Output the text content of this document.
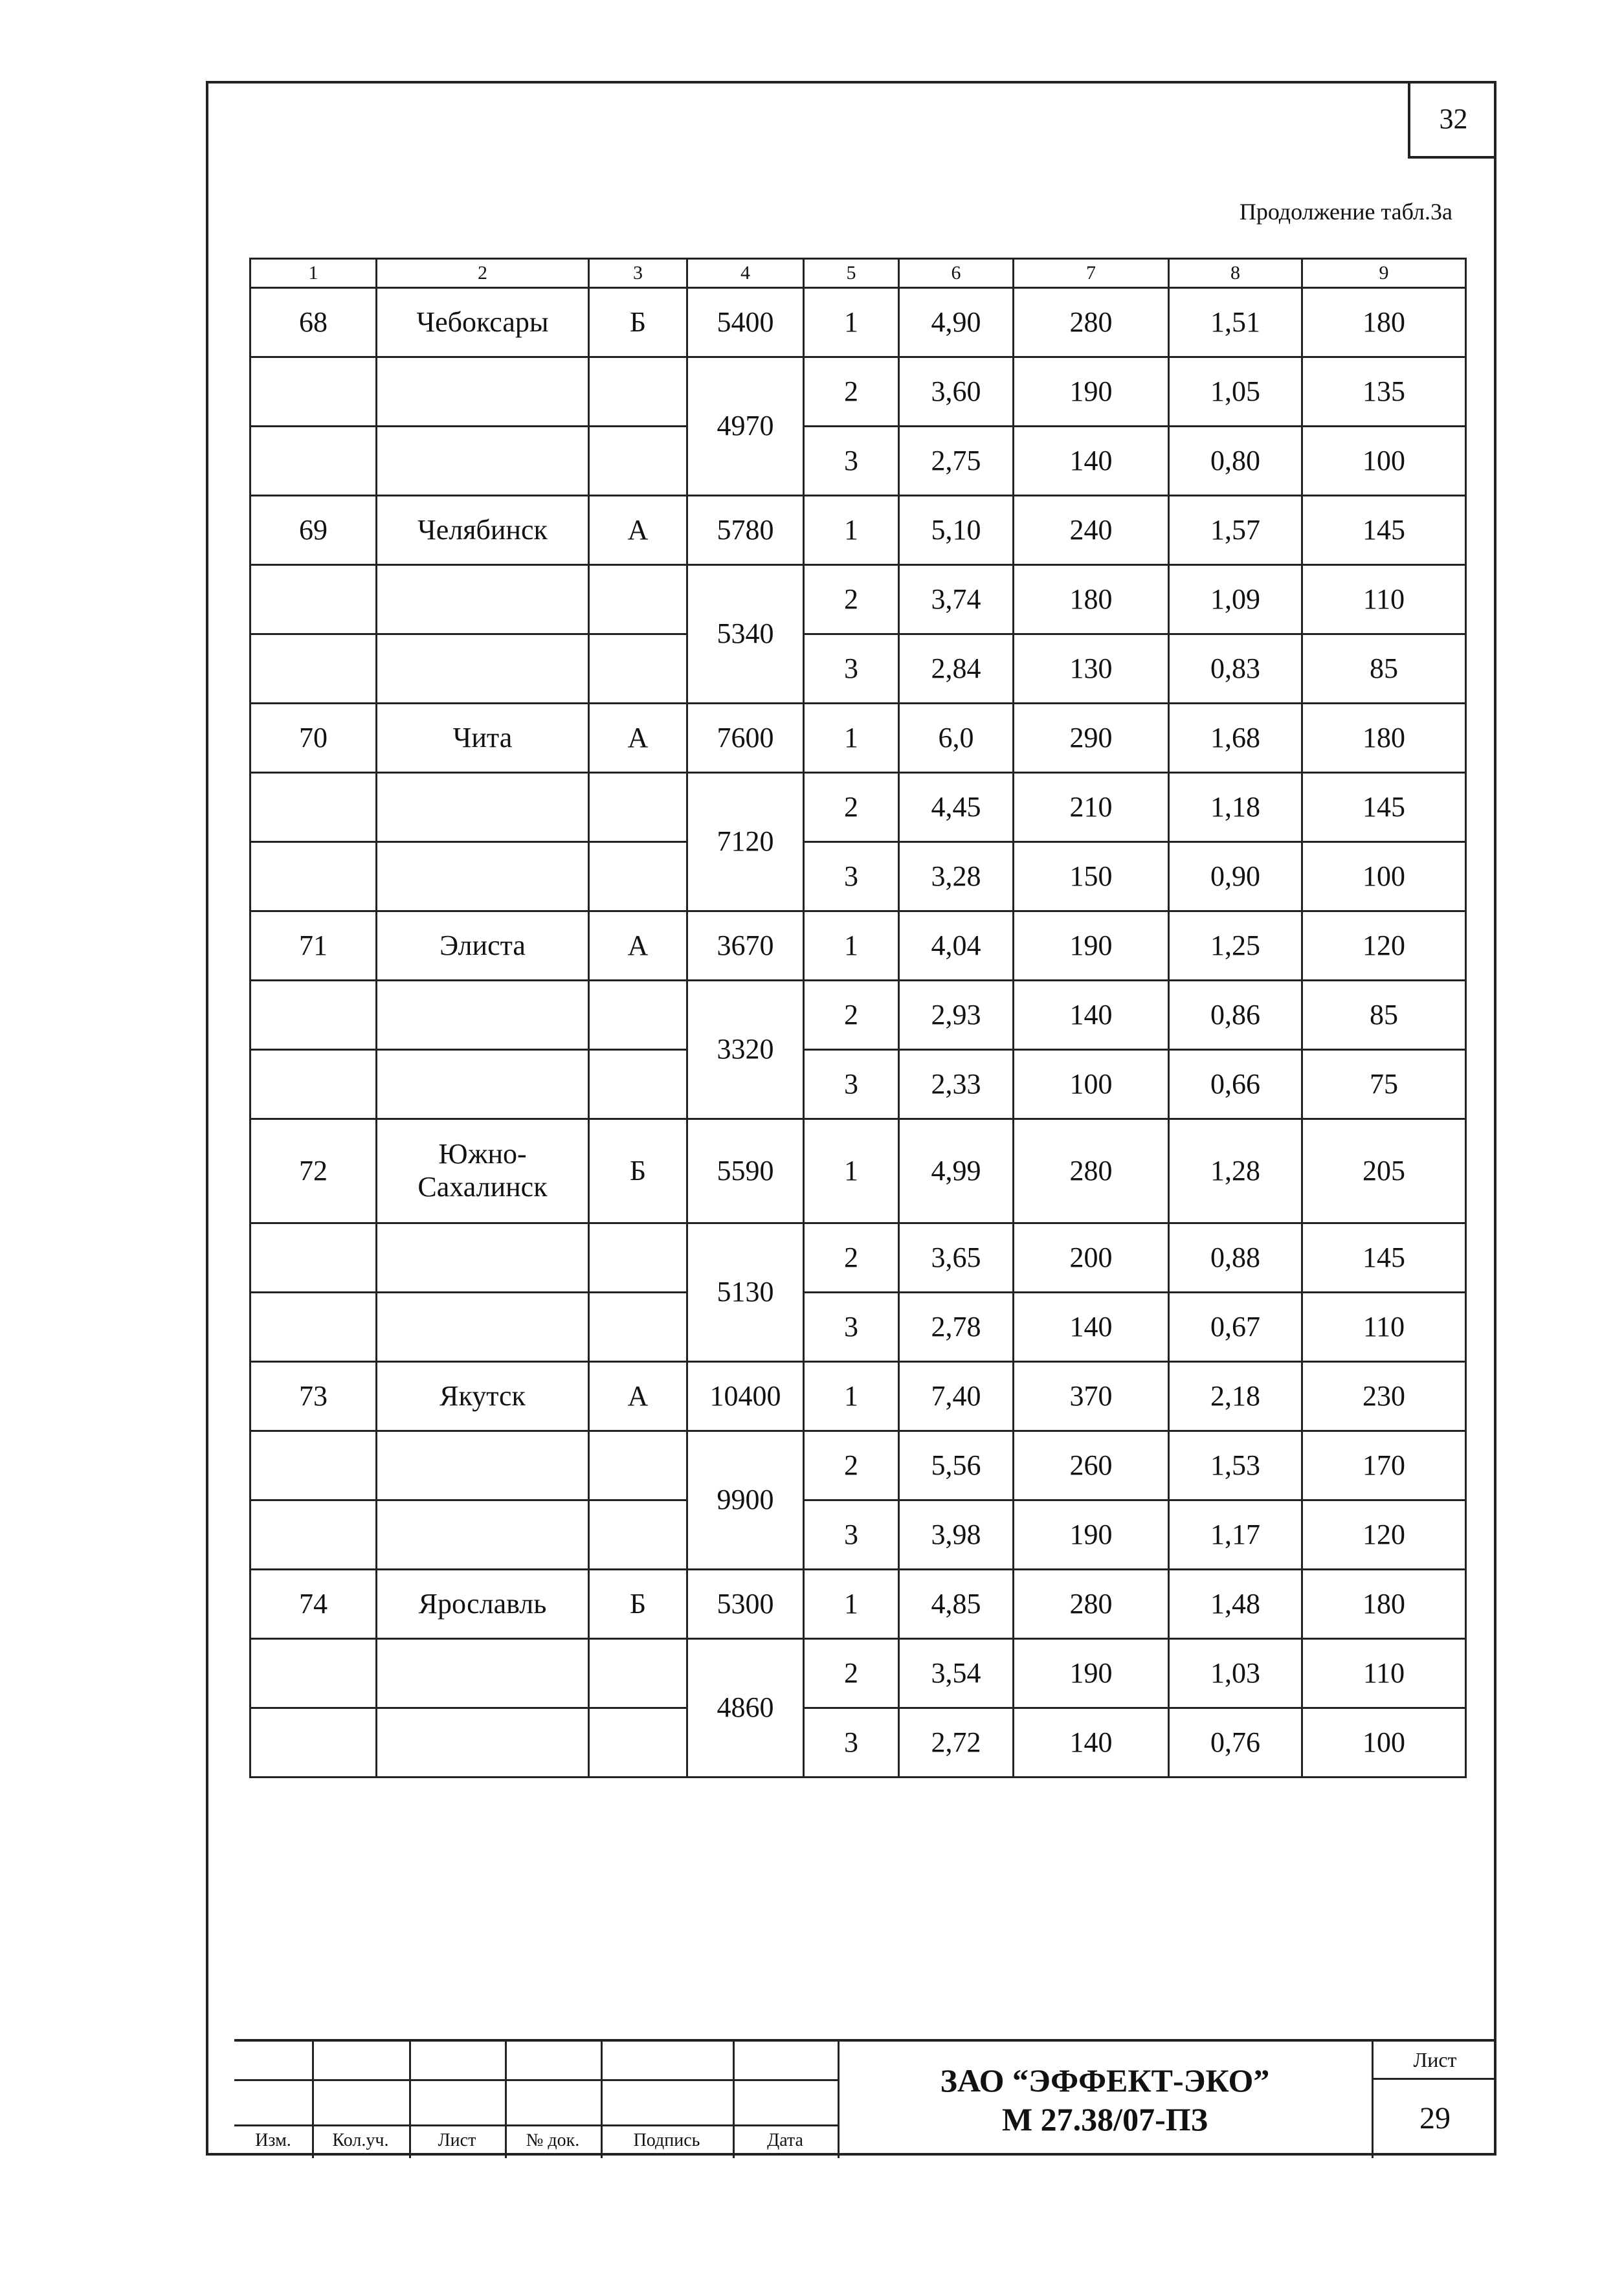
32
Продолжение табл.3а
1	2	3	4	5	6	7	8	9
68	Чебоксары	Б	5400	1	4,90	280	1,51	180
			4970	2	3,60	190	1,05	135
				3	2,75	140	0,80	100
69	Челябинск	А	5780	1	5,10	240	1,57	145
			5340	2	3,74	180	1,09	110
				3	2,84	130	0,83	85
70	Чита	А	7600	1	6,0	290	1,68	180
			7120	2	4,45	210	1,18	145
				3	3,28	150	0,90	100
71	Элиста	А	3670	1	4,04	190	1,25	120
			3320	2	2,93	140	0,86	85
				3	2,33	100	0,66	75
72	Южно-
Сахалинск	Б	5590	1	4,99	280	1,28	205
			5130	2	3,65	200	0,88	145
				3	2,78	140	0,67	110
73	Якутск	А	10400	1	7,40	370	2,18	230
			9900	2	5,56	260	1,53	170
				3	3,98	190	1,17	120
74	Ярославль	Б	5300	1	4,85	280	1,48	180
			4860	2	3,54	190	1,03	110
				3	2,72	140	0,76	100
Изм.	Кол.уч.	Лист	№ док.	Подпись	Дата
ЗАО “ЭФФЕКТ-ЭКО”
М 27.38/07-ПЗ
Лист
29
